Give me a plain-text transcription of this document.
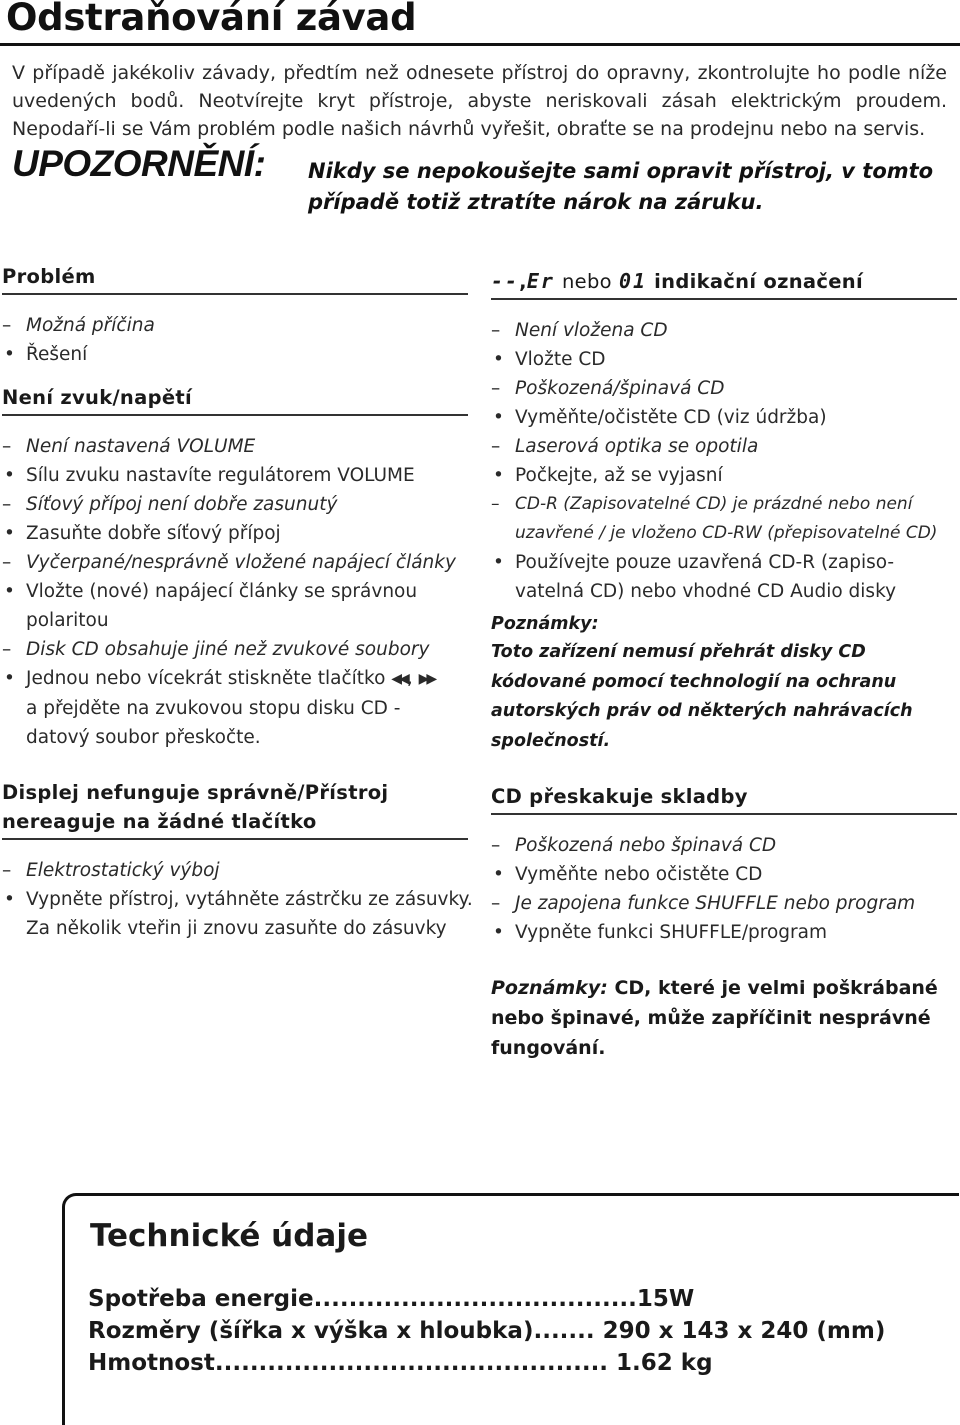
Odstraňování závad
V případě jakékoliv závady, předtím než odnesete přístroj do opravny, zkontrolujte ho podle níže uvedených bodů. Neotvírejte kryt přístroje, abyste neriskovali zásah elektrickým proudem. Nepodaří-li se Vám problém podle našich návrhů vyřešit, obraťte se na prodejnu nebo na servis.
UPOZORNĚNÍ: Nikdy se nepokoušejte sami opravit přístroj, v tomto případě totiž ztratíte nárok na záruku.
Problém
– Možná příčina
• Řešení
Není zvuk/napětí
– Není nastavená VOLUME
• Sílu zvuku nastavíte regulátorem VOLUME
– Síťový přípoj není dobře zasunutý
• Zasuňte dobře síťový přípoj
– Vyčerpané/nesprávně vložené napájecí články
• Vložte (nové) napájecí články se správnou
polaritou
– Disk CD obsahuje jiné než zvukové soubory
• Jednou nebo vícekrát stiskněte tlačítko ◀◀, ▶▶
a přejděte na zvukovou stopu disku CD -
datový soubor přeskočte.
Displej nefunguje správně/Přístroj
nereaguje na žádné tlačítko
– Elektrostatický výboj
• Vypněte přístroj, vytáhněte zástrčku ze zásuvky.
Za několik vteřin ji znovu zasuňte do zásuvky
--,Er nebo 01 indikační označení
– Není vložena CD
• Vložte CD
– Poškozená/špinavá CD
• Vyměňte/očistěte CD (viz údržba)
– Laserová optika se opotila
• Počkejte, až se vyjasní
– CD-R (Zapisovatelné CD) je prázdné nebo není
uzavřené / je vloženo CD-RW (přepisovatelné CD)
• Používejte pouze uzavřená CD-R (zapiso-
vatelná CD) nebo vhodné CD Audio disky
Poznámky:
Toto zařízení nemusí přehrát disky CD
kódované pomocí technologií na ochranu
autorských práv od některých nahrávacích
společností.
CD přeskakuje skladby
– Poškozená nebo špinavá CD
• Vyměňte nebo očistěte CD
– Je zapojena funkce SHUFFLE nebo program
• Vypněte funkci SHUFFLE/program
Poznámky: CD, které je velmi poškrábané
nebo špinavé, může zapříčinit nesprávné
fungování.
Technické údaje
Spotřeba energie.....................................15W
Rozměry (šířka x výška x hloubka)....... 290 x 143 x 240 (mm)
Hmotnost............................................. 1.62 kg
